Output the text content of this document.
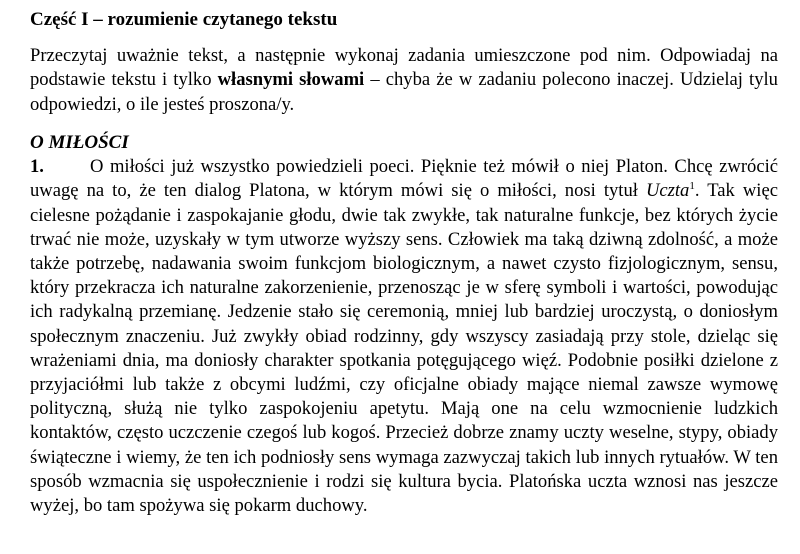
Część I – rozumienie czytanego tekstu

Przeczytaj uważnie tekst, a następnie wykonaj zadania umieszczone pod nim. Odpowiadaj na podstawie tekstu i tylko własnymi słowami – chyba że w zadaniu polecono inaczej. Udzielaj tylu odpowiedzi, o ile jesteś proszona/y.

O MIŁOŚCI

1. O miłości już wszystko powiedzieli poeci. Pięknie też mówił o niej Platon. Chcę zwrócić uwagę na to, że ten dialog Platona, w którym mówi się o miłości, nosi tytuł Uczta$^1$. Tak więc cielesne pożądanie i zaspokajanie głodu, dwie tak zwykłe, tak naturalne funkcje, bez których życie trwać nie może, uzyskały w tym utworze wyższy sens. Człowiek ma taką dziwną zdolność, a może także potrzebę, nadawania swoim funkcjom biologicznym, a nawet czysto fizjologicznym, sensu, który przekracza ich naturalne zakorzenienie, przenosząc je w sferę symboli i wartości, powodując ich radykalną przemianę. Jedzenie stało się ceremonią, mniej lub bardziej uroczystą, o doniosłym społecznym znaczeniu. Już zwykły obiad rodzinny, gdy wszyscy zasiadają przy stole, dzieląc się wrażeniami dnia, ma doniosły charakter spotkania potęgującego więź. Podobnie posiłki dzielone z przyjaciółmi lub także z obcymi ludźmi, czy oficjalne obiady mające niemal zawsze wymowę polityczną, służą nie tylko zaspokojeniu apetytu. Mają one na celu wzmocnienie ludzkich kontaktów, często uczczenie czegoś lub kogoś. Przecież dobrze znamy uczty weselne, stypy, obiady świąteczne i wiemy, że ten ich podniosły sens wymaga zazwyczaj takich lub innych rytuałów. W ten sposób wzmacnia się uspołecznienie i rodzi się kultura bycia. Platońska uczta wznosi nas jeszcze wyżej, bo tam spożywa się pokarm duchowy.
